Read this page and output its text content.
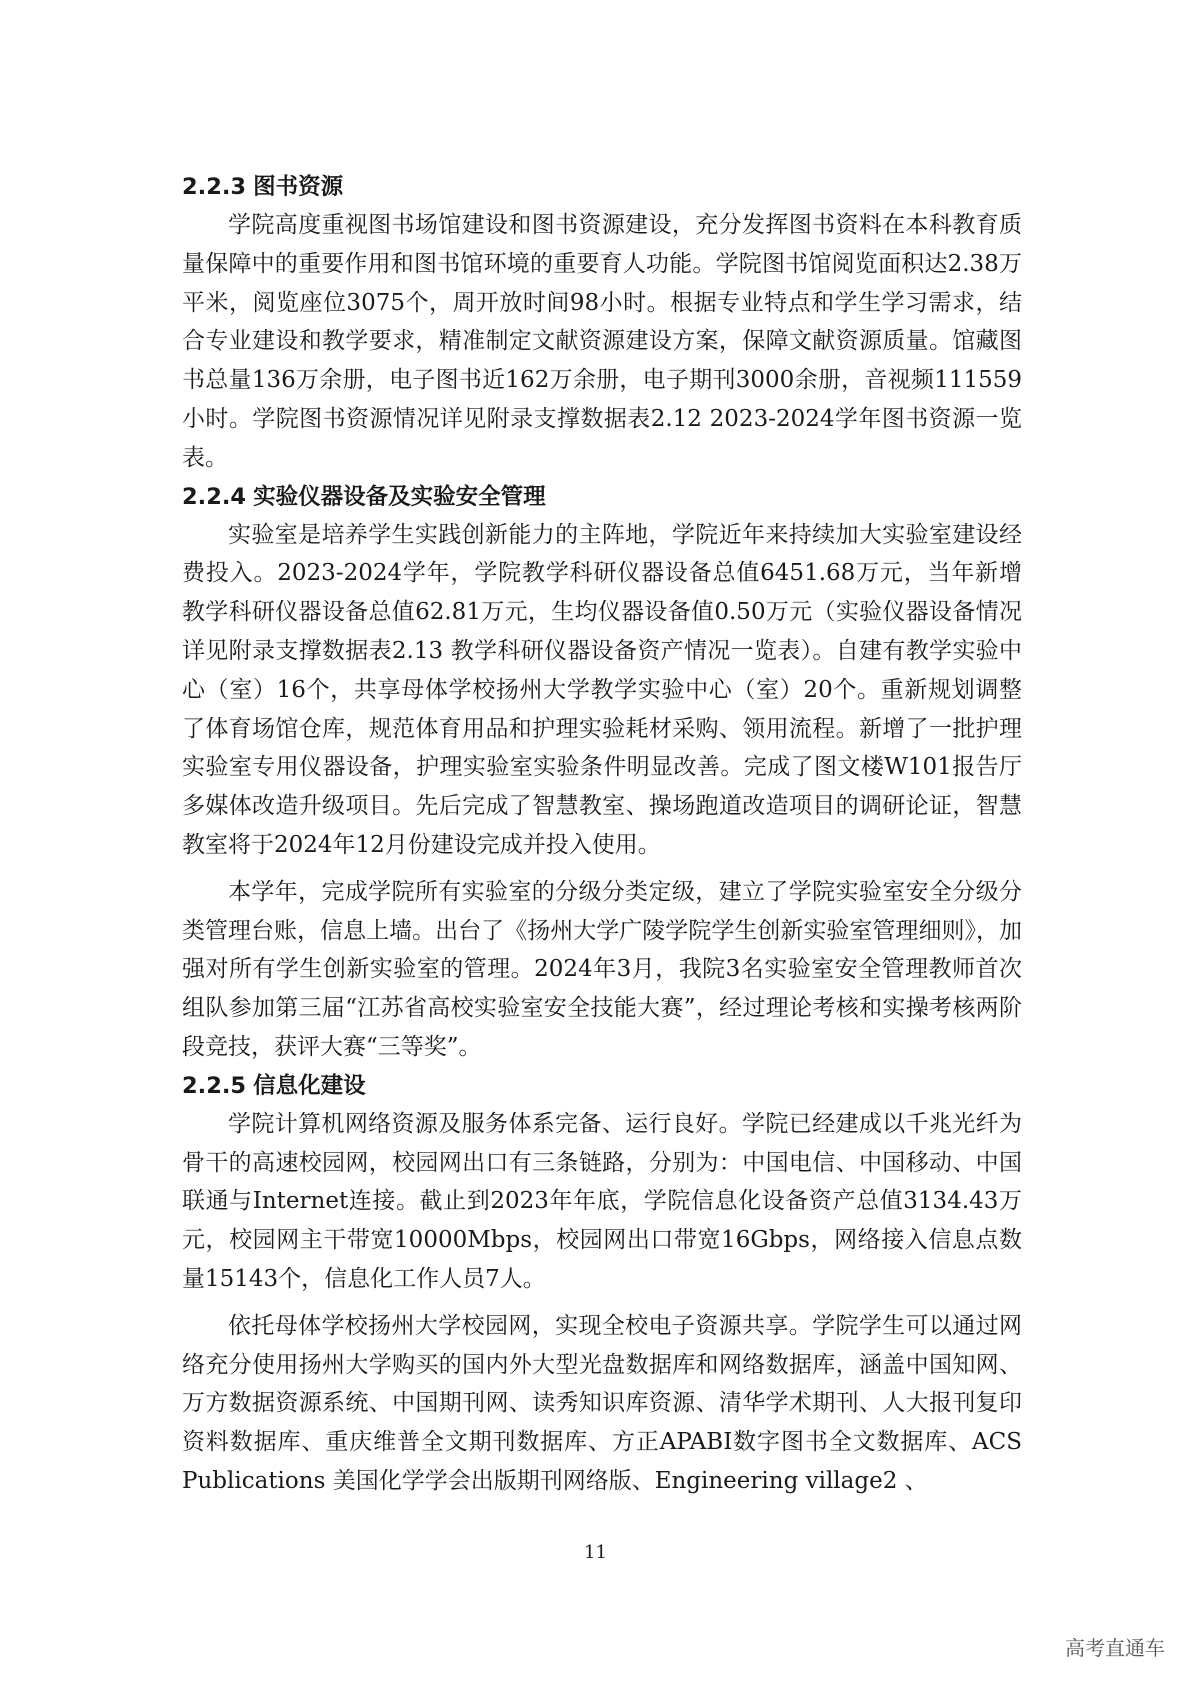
2.2.3 图书资源

学院高度重视图书场馆建设和图书资源建设，充分发挥图书资料在本科教育质量保障中的重要作用和图书馆环境的重要育人功能。学院图书馆阅览面积达2.38万平米，阅览座位3075个，周开放时间98小时。根据专业特点和学生学习需求，结合专业建设和教学要求，精准制定文献资源建设方案，保障文献资源质量。馆藏图书总量136万余册，电子图书近162万余册，电子期刊3000余册，音视频111559小时。学院图书资源情况详见附录支撑数据表2.12 2023-2024学年图书资源一览表。

2.2.4 实验仪器设备及实验安全管理

实验室是培养学生实践创新能力的主阵地，学院近年来持续加大实验室建设经费投入。2023-2024学年，学院教学科研仪器设备总值6451.68万元，当年新增教学科研仪器设备总值62.81万元，生均仪器设备值0.50万元（实验仪器设备情况详见附录支撑数据表2.13 教学科研仪器设备资产情况一览表）。自建有教学实验中心（室）16个，共享母体学校扬州大学教学实验中心（室）20个。重新规划调整了体育场馆仓库，规范体育用品和护理实验耗材采购、领用流程。新增了一批护理实验室专用仪器设备，护理实验室实验条件明显改善。完成了图文楼W101报告厅多媒体改造升级项目。先后完成了智慧教室、操场跑道改造项目的调研论证，智慧教室将于2024年12月份建设完成并投入使用。

本学年，完成学院所有实验室的分级分类定级，建立了学院实验室安全分级分类管理台账，信息上墙。出台了《扬州大学广陵学院学生创新实验室管理细则》，加强对所有学生创新实验室的管理。2024年3月，我院3名实验室安全管理教师首次组队参加第三届“江苏省高校实验室安全技能大赛”，经过理论考核和实操考核两阶段竞技，获评大赛“三等奖”。

2.2.5 信息化建设

学院计算机网络资源及服务体系完备、运行良好。学院已经建成以千兆光纤为骨干的高速校园网，校园网出口有三条链路，分别为：中国电信、中国移动、中国联通与Internet连接。截止到2023年年底，学院信息化设备资产总值3134.43万元，校园网主干带宽10000Mbps，校园网出口带宽16Gbps，网络接入信息点数量15143个，信息化工作人员7人。

依托母体学校扬州大学校园网，实现全校电子资源共享。学院学生可以通过网络充分使用扬州大学购买的国内外大型光盘数据库和网络数据库，涵盖中国知网、万方数据资源系统、中国期刊网、读秀知识库资源、清华学术期刊、人大报刊复印资料数据库、重庆维普全文期刊数据库、方正APABI数字图书全文数据库、ACS Publications 美国化学学会出版期刊网络版、Engineering village2 、

11
高考直通车
